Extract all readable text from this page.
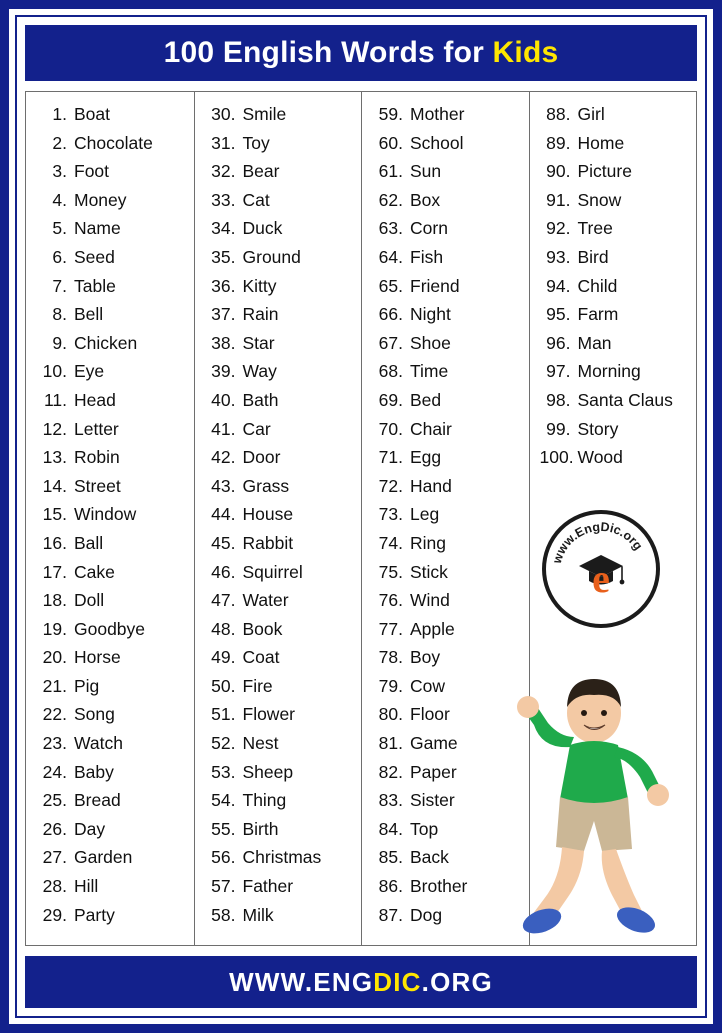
100 English Words for Kids
1. Boat
2. Chocolate
3. Foot
4. Money
5. Name
6. Seed
7. Table
8. Bell
9. Chicken
10. Eye
11. Head
12. Letter
13. Robin
14. Street
15. Window
16. Ball
17. Cake
18. Doll
19. Goodbye
20. Horse
21. Pig
22. Song
23. Watch
24. Baby
25. Bread
26. Day
27. Garden
28. Hill
29. Party
30. Smile
31. Toy
32. Bear
33. Cat
34. Duck
35. Ground
36. Kitty
37. Rain
38. Star
39. Way
40. Bath
41. Car
42. Door
43. Grass
44. House
45. Rabbit
46. Squirrel
47. Water
48. Book
49. Coat
50. Fire
51. Flower
52. Nest
53. Sheep
54. Thing
55. Birth
56. Christmas
57. Father
58. Milk
59. Mother
60. School
61. Sun
62. Box
63. Corn
64. Fish
65. Friend
66. Night
67. Shoe
68. Time
69. Bed
70. Chair
71. Egg
72. Hand
73. Leg
74. Ring
75. Stick
76. Wind
77. Apple
78. Boy
79. Cow
80. Floor
81. Game
82. Paper
83. Sister
84. Top
85. Back
86. Brother
87. Dog
www.EngDic.org
e
88. Girl
89. Home
90. Picture
91. Snow
92. Tree
93. Bird
94. Child
95. Farm
96. Man
97. Morning
98. Santa Claus
99. Story
100. Wood
WWW.ENGDIC.ORG
